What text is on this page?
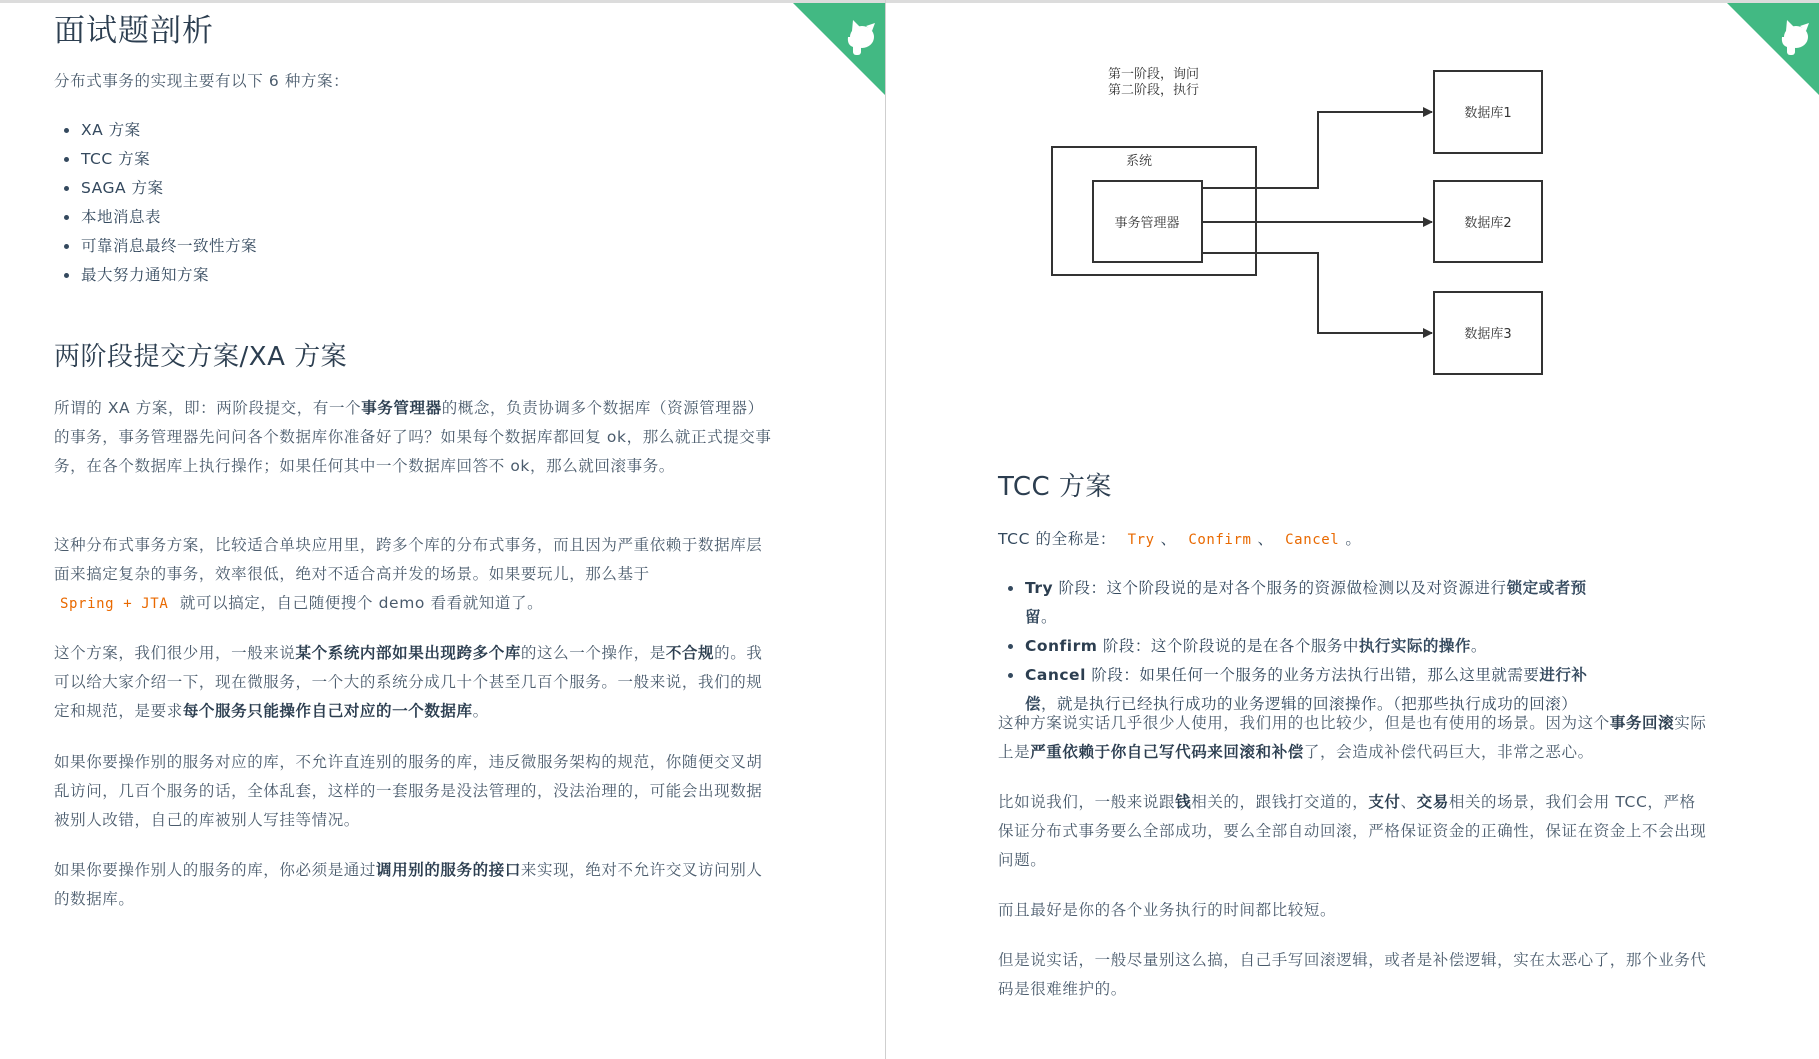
面试题剖析
分布式事务的实现主要有以下 6 种方案：
XA 方案
TCC 方案
SAGA 方案
本地消息表
可靠消息最终一致性方案
最大努力通知方案
两阶段提交方案/XA 方案
所谓的 XA 方案，即：两阶段提交，有一个事务管理器的概念，负责协调多个数据库（资源管理器）的事务，事务管理器先问问各个数据库你准备好了吗？如果每个数据库都回复 ok，那么就正式提交事务，在各个数据库上执行操作；如果任何其中一个数据库回答不 ok，那么就回滚事务。
这种分布式事务方案，比较适合单块应用里，跨多个库的分布式事务，而且因为严重依赖于数据库层面来搞定复杂的事务，效率很低，绝对不适合高并发的场景。如果要玩儿，那么基于
Spring + JTA 就可以搞定，自己随便搜个 demo 看看就知道了。
这个方案，我们很少用，一般来说某个系统内部如果出现跨多个库的这么一个操作，是不合规的。我可以给大家介绍一下，现在微服务，一个大的系统分成几十个甚至几百个服务。一般来说，我们的规定和规范，是要求每个服务只能操作自己对应的一个数据库。
如果你要操作别的服务对应的库，不允许直连别的服务的库，违反微服务架构的规范，你随便交叉胡乱访问，几百个服务的话，全体乱套，这样的一套服务是没法管理的，没法治理的，可能会出现数据被别人改错，自己的库被别人写挂等情况。
如果你要操作别人的服务的库，你必须是通过调用别的服务的接口来实现，绝对不允许交叉访问别人的数据库。
第一阶段，询问
第二阶段，执行
系统
事务管理器
数据库1
数据库2
数据库3
TCC 方案
TCC 的全称是： Try 、 Confirm 、 Cancel 。
Try 阶段：这个阶段说的是对各个服务的资源做检测以及对资源进行锁定或者预留。
Confirm 阶段：这个阶段说的是在各个服务中执行实际的操作。
Cancel 阶段：如果任何一个服务的业务方法执行出错，那么这里就需要进行补偿，就是执行已经执行成功的业务逻辑的回滚操作。（把那些执行成功的回滚）
这种方案说实话几乎很少人使用，我们用的也比较少，但是也有使用的场景。因为这个事务回滚实际上是严重依赖于你自己写代码来回滚和补偿了，会造成补偿代码巨大，非常之恶心。
比如说我们，一般来说跟钱相关的，跟钱打交道的，支付、交易相关的场景，我们会用 TCC，严格保证分布式事务要么全部成功，要么全部自动回滚，严格保证资金的正确性，保证在资金上不会出现问题。
而且最好是你的各个业务执行的时间都比较短。
但是说实话，一般尽量别这么搞，自己手写回滚逻辑，或者是补偿逻辑，实在太恶心了，那个业务代码是很难维护的。
